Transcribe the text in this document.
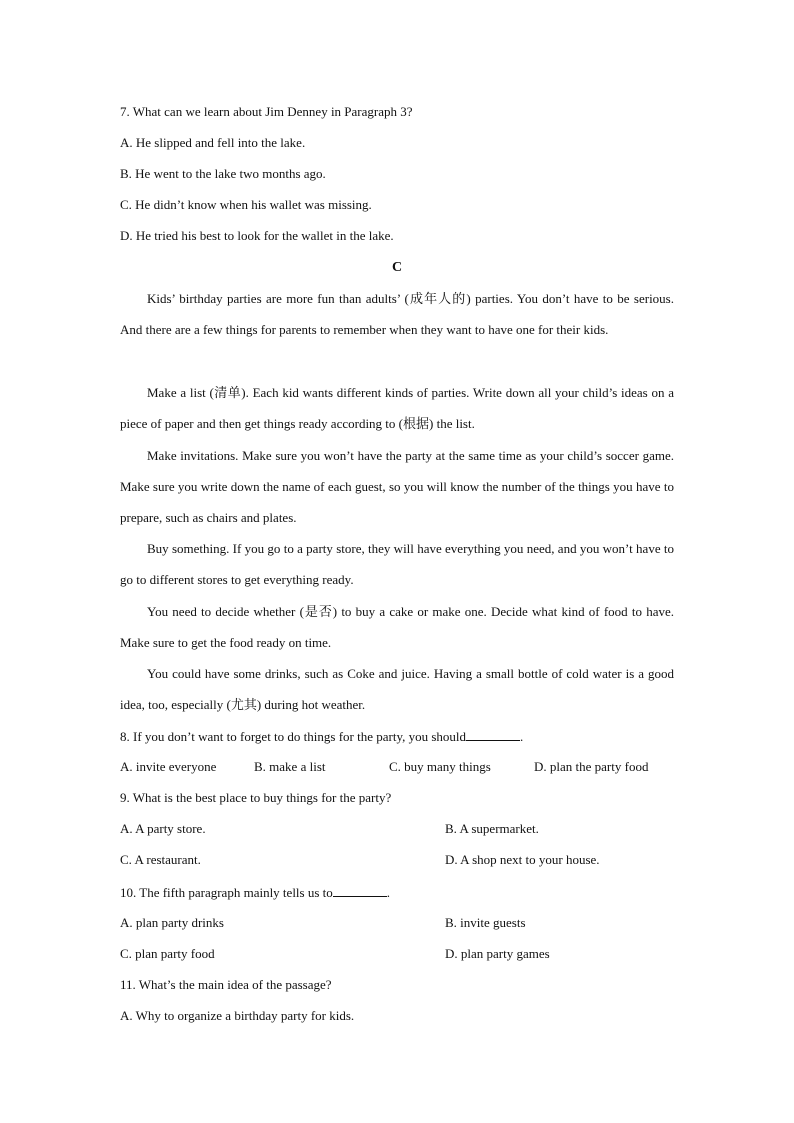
7. What can we learn about Jim Denney in Paragraph 3?
A. He slipped and fell into the lake.
B. He went to the lake two months ago.
C. He didn’t know when his wallet was missing.
D. He tried his best to look for the wallet in the lake.
C

Kids’ birthday parties are more fun than adults’ (成年人的) parties. You don’t have to be serious. And there are a few things for parents to remember when they want to have one for their kids.

Make a list (清单). Each kid wants different kinds of parties. Write down all your child’s ideas on a piece of paper and then get things ready according to (根据) the list.

Make invitations. Make sure you won’t have the party at the same time as your child’s soccer game. Make sure you write down the name of each guest, so you will know the number of the things you have to prepare, such as chairs and plates.

Buy something. If you go to a party store, they will have everything you need, and you won’t have to go to different stores to get everything ready.

You need to decide whether (是否) to buy a cake or make one. Decide what kind of food to have. Make sure to get the food ready on time.

You could have some drinks, such as Coke and juice. Having a small bottle of cold water is a good idea, too, especially (尤其) during hot weather.

8. If you don’t want to forget to do things for the party, you should	.
A. invite everyone	B. make a list	C. buy many things	D. plan the party food
9. What is the best place to buy things for the party?
A. A party store.	B. A supermarket.
C. A restaurant.	D. A shop next to your house.
10. The fifth paragraph mainly tells us to	.
A. plan party drinks	B. invite guests
C. plan party food	D. plan party games
11. What’s the main idea of the passage?
A. Why to organize a birthday party for kids.
